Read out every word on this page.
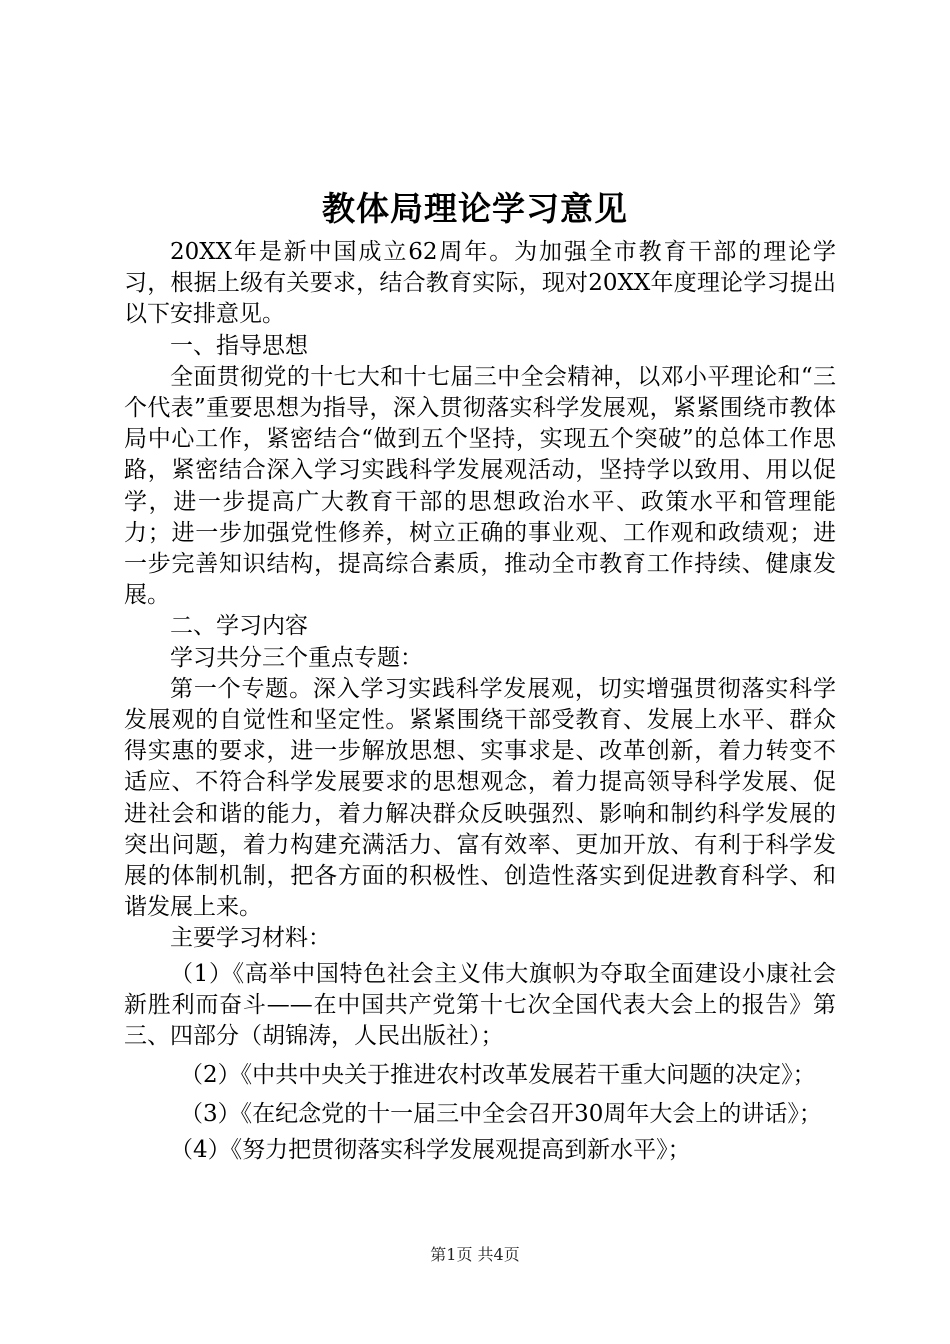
教体局理论学习意见

20XX年是新中国成立62周年。为加强全市教育干部的理论学习，根据上级有关要求，结合教育实际，现对20XX年度理论学习提出以下安排意见。

一、指导思想

全面贯彻党的十七大和十七届三中全会精神，以邓小平理论和“三个代表”重要思想为指导，深入贯彻落实科学发展观，紧紧围绕市教体局中心工作，紧密结合“做到五个坚持，实现五个突破”的总体工作思路，紧密结合深入学习实践科学发展观活动，坚持学以致用、用以促学，进一步提高广大教育干部的思想政治水平、政策水平和管理能力；进一步加强党性修养，树立正确的事业观、工作观和政绩观；进一步完善知识结构，提高综合素质，推动全市教育工作持续、健康发展。

二、学习内容

学习共分三个重点专题：

第一个专题。深入学习实践科学发展观，切实增强贯彻落实科学发展观的自觉性和坚定性。紧紧围绕干部受教育、发展上水平、群众得实惠的要求，进一步解放思想、实事求是、改革创新，着力转变不适应、不符合科学发展要求的思想观念，着力提高领导科学发展、促进社会和谐的能力，着力解决群众反映强烈、影响和制约科学发展的突出问题，着力构建充满活力、富有效率、更加开放、有利于科学发展的体制机制，把各方面的积极性、创造性落实到促进教育科学、和谐发展上来。

主要学习材料：

（1）《高举中国特色社会主义伟大旗帜为夺取全面建设小康社会新胜利而奋斗——在中国共产党第十七次全国代表大会上的报告》第三、四部分（胡锦涛，人民出版社）；

（2）《中共中央关于推进农村改革发展若干重大问题的决定》；

（3）《在纪念党的十一届三中全会召开30周年大会上的讲话》；

（4）《努力把贯彻落实科学发展观提高到新水平》；

第1页 共4页
